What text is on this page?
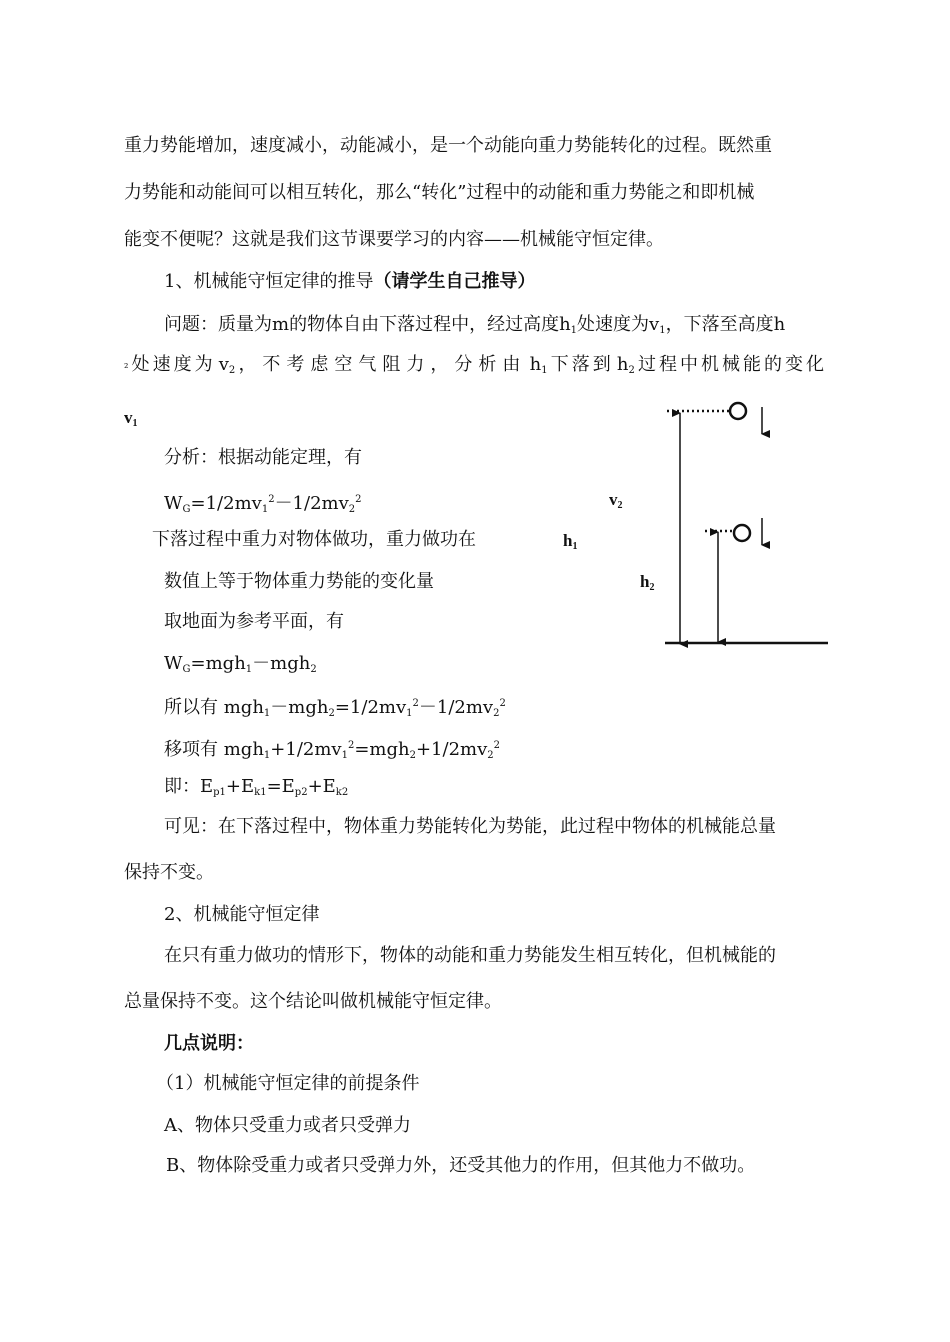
重力势能增加，速度减小，动能减小，是一个动能向重力势能转化的过程。既然重
力势能和动能间可以相互转化，那么“转化”过程中的动能和重力势能之和即机械
能变不便呢？这就是我们这节课要学习的内容——机械能守恒定律。
1、机械能守恒定律的推导（请学生自己推导）
问题：质量为m的物体自由下落过程中，经过高度$h_1$处速度为$v_1$，下落至高度h
₂ 处速度为 $v_2$ ，不考虑空气阻力，分析由 $h_1$ 下落到 $h_2$ 过程中机械能的变化
$v_1$
$v_2$
$h_1$
$h_2$
分析：根据动能定理，有
$W_G=1/2mv_1^2-1/2mv_2^2$
下落过程中重力对物体做功，重力做功在
数值上等于物体重力势能的变化量
取地面为参考平面，有
$W_G=mgh_1-mgh_2$
所以有 $mgh_1-mgh_2=1/2mv_1^2-1/2mv_2^2$
移项有 $mgh_1+1/2mv_1^2=mgh_2+1/2mv_2^2$
即：$E_{p1}+E_{k1}=E_{p2}+E_{k2}$
可见：在下落过程中，物体重力势能转化为势能，此过程中物体的机械能总量
保持不变。
2、机械能守恒定律
在只有重力做功的情形下，物体的动能和重力势能发生相互转化，但机械能的
总量保持不变。这个结论叫做机械能守恒定律。
几点说明：
（1）机械能守恒定律的前提条件
A、物体只受重力或者只受弹力
B、物体除受重力或者只受弹力外，还受其他力的作用，但其他力不做功。
